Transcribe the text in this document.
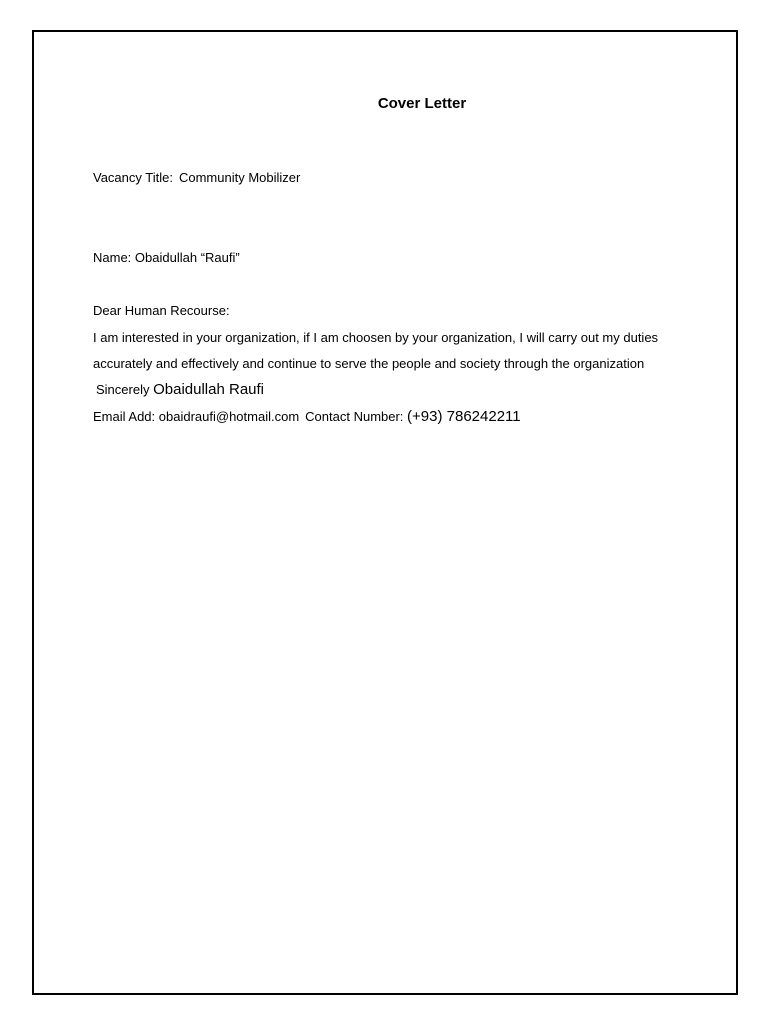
Cover Letter
Vacancy Title: Community Mobilizer
Name: Obaidullah “Raufi”
Dear Human Recourse:
I am interested in your organization, if I am choosen by your organization, I will carry out my duties
accurately and effectively and continue to serve the people and society through the organization
Sincerely Obaidullah Raufi
Email Add: obaidraufi@hotmail.com Contact Number: (+93) 786242211
